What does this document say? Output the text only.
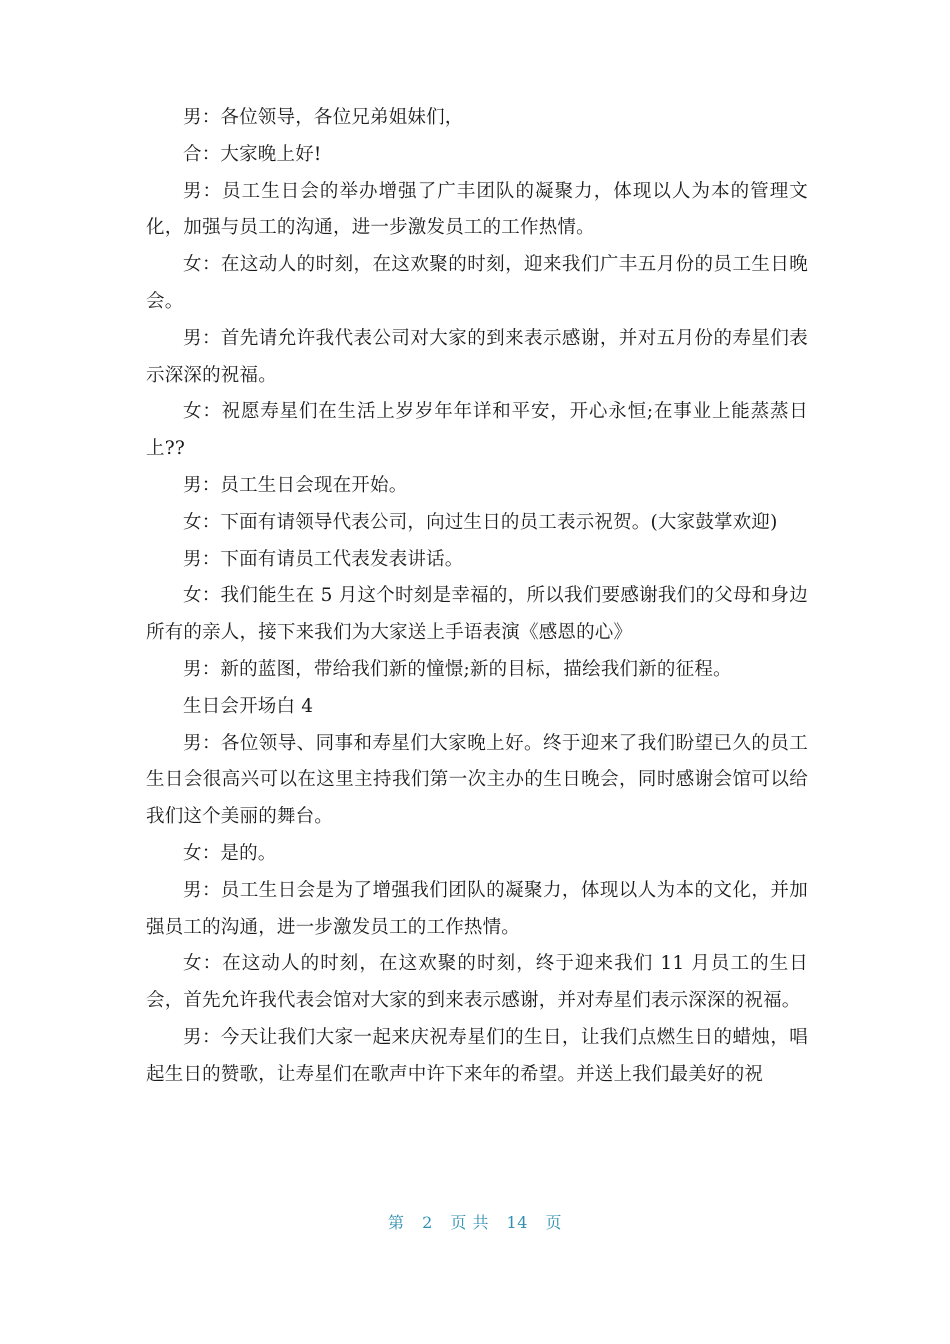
男：各位领导，各位兄弟姐妹们，

合：大家晚上好!

男：员工生日会的举办增强了广丰团队的凝聚力，体现以人为本的管理文化，加强与员工的沟通，进一步激发员工的工作热情。

女：在这动人的时刻，在这欢聚的时刻，迎来我们广丰五月份的员工生日晚会。

男：首先请允许我代表公司对大家的到来表示感谢，并对五月份的寿星们表示深深的祝福。

女：祝愿寿星们在生活上岁岁年年详和平安，开心永恒;在事业上能蒸蒸日上??

男：员工生日会现在开始。

女：下面有请领导代表公司，向过生日的员工表示祝贺。(大家鼓掌欢迎)

男：下面有请员工代表发表讲话。

女：我们能生在 5 月这个时刻是幸福的，所以我们要感谢我们的父母和身边所有的亲人，接下来我们为大家送上手语表演《感恩的心》

男：新的蓝图，带给我们新的憧憬;新的目标，描绘我们新的征程。

生日会开场白 4

男：各位领导、同事和寿星们大家晚上好。终于迎来了我们盼望已久的员工生日会很高兴可以在这里主持我们第一次主办的生日晚会，同时感谢会馆可以给我们这个美丽的舞台。

女：是的。

男：员工生日会是为了增强我们团队的凝聚力，体现以人为本的文化，并加强员工的沟通，进一步激发员工的工作热情。

女：在这动人的时刻，在这欢聚的时刻，终于迎来我们 11 月员工的生日会，首先允许我代表会馆对大家的到来表示感谢，并对寿星们表示深深的祝福。

男：今天让我们大家一起来庆祝寿星们的生日，让我们点燃生日的蜡烛，唱起生日的赞歌，让寿星们在歌声中许下来年的希望。并送上我们最美好的祝

第 2 页 共 14 页
